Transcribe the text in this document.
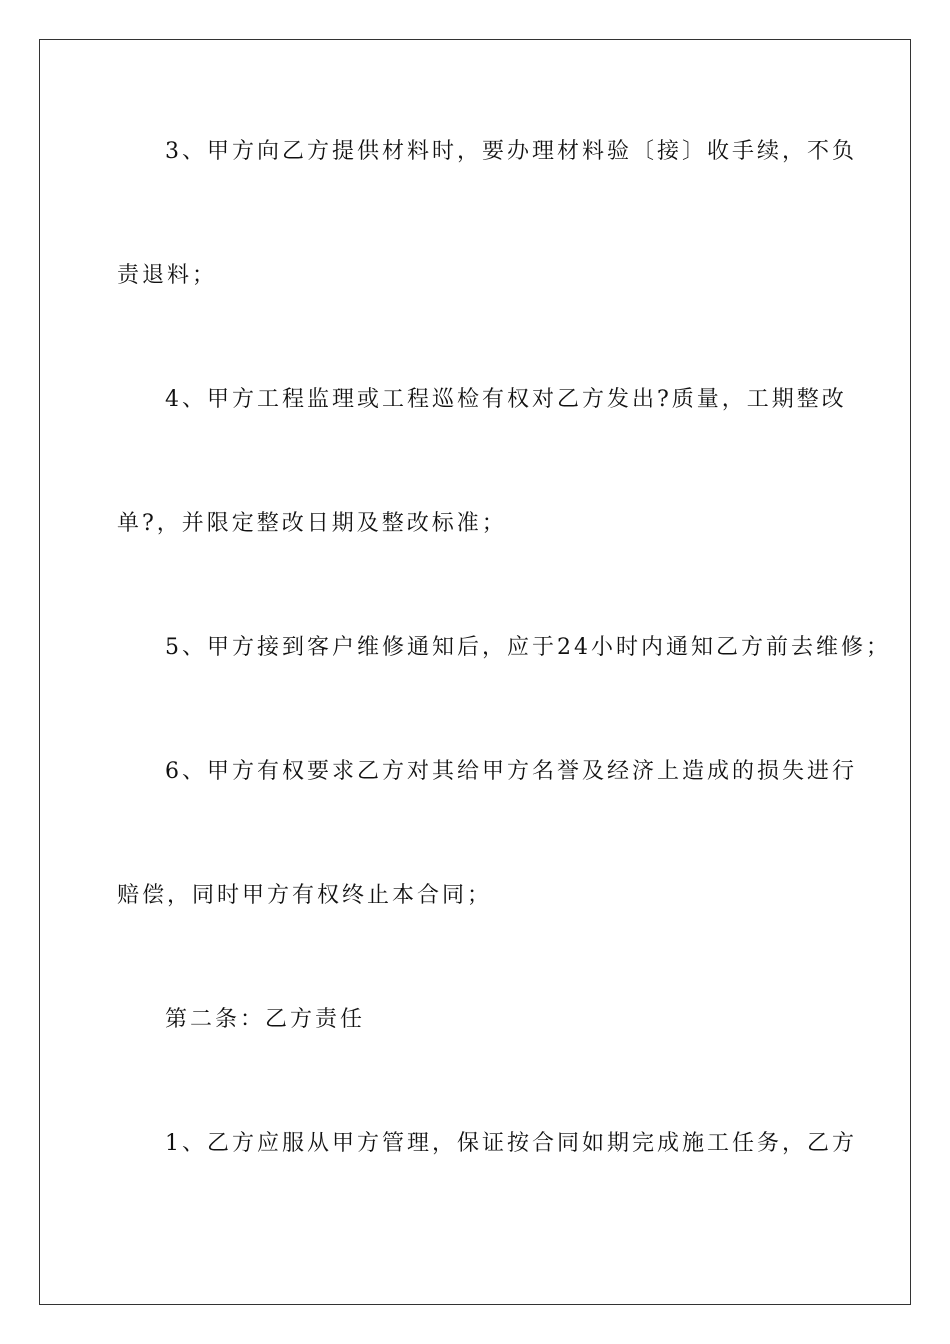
3、甲方向乙方提供材料时，要办理材料验〔接〕收手续，不负
责退料；
4、甲方工程监理或工程巡检有权对乙方发出?质量，工期整改
单?，并限定整改日期及整改标准；
5、甲方接到客户维修通知后，应于24小时内通知乙方前去维修；
6、甲方有权要求乙方对其给甲方名誉及经济上造成的损失进行
赔偿，同时甲方有权终止本合同；
第二条：乙方责任
1、乙方应服从甲方管理，保证按合同如期完成施工任务，乙方
